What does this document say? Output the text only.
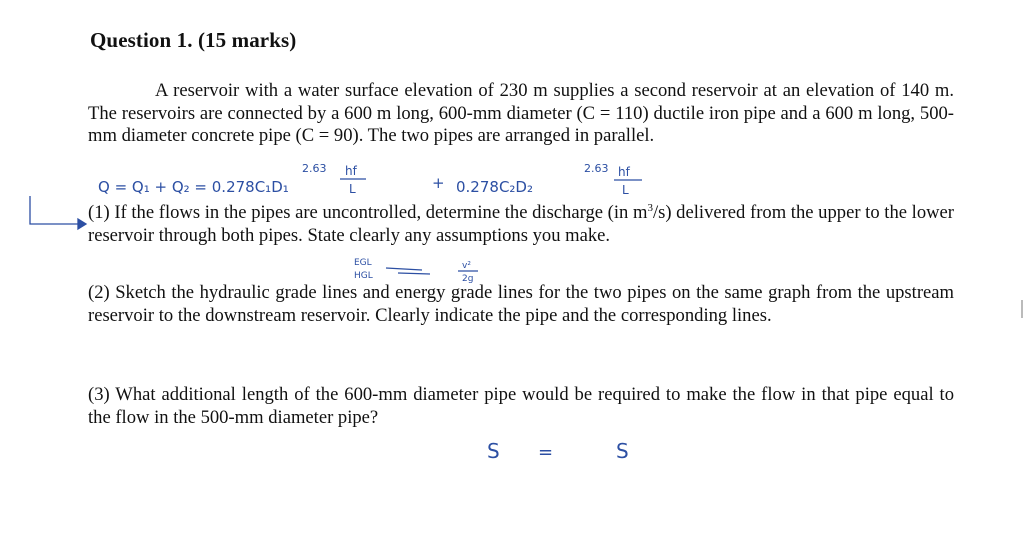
Question 1. (15 marks)

A reservoir with a water surface elevation of 230 m supplies a second reservoir at an elevation of 140 m. The reservoirs are connected by a 600 m long, 600-mm diameter (C = 110) ductile iron pipe and a 600 m long, 500-mm diameter concrete pipe (C = 90). The two pipes are arranged in parallel.

(1) If the flows in the pipes are uncontrolled, determine the discharge (in $m^3/s$) delivered from the upper to the lower reservoir through both pipes. State clearly any assumptions you make.

(2) Sketch the hydraulic grade lines and energy grade lines for the two pipes on the same graph from the upstream reservoir to the downstream reservoir. Clearly indicate the pipe and the corresponding lines.

(3) What additional length of the 600-mm diameter pipe would be required to make the flow in that pipe equal to the flow in the 500-mm diameter pipe?

Q = Q₁ + Q₂ = 0.278C₁D₁
2.63 hf
L	+ 0.278C₂D₂
2.63 hf
L
EGL
HGL
v²
2g
S =	S
